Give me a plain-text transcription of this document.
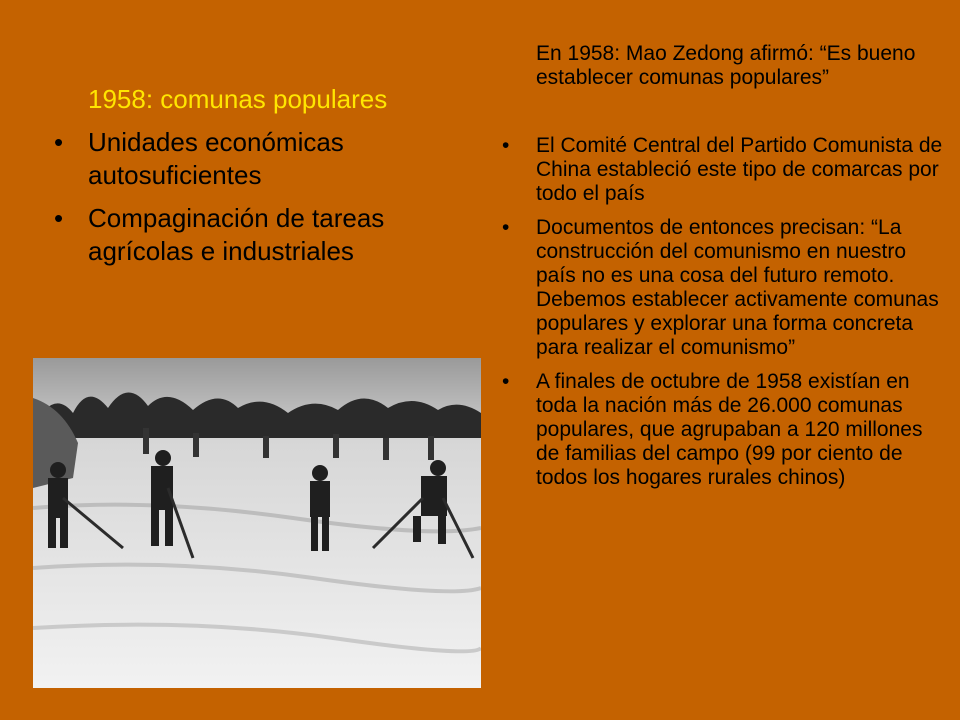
1958: comunas populares
• Unidades económicas autosuficientes
• Compaginación de tareas agrícolas e industriales
En 1958: Mao Zedong afirmó: “Es bueno establecer comunas populares”
• El Comité Central del Partido Comunista de China estableció este tipo de comarcas por todo el país
• Documentos de entonces precisan: “La construcción del comunismo en nuestro país no es una cosa del futuro remoto. Debemos establecer activamente comunas populares y explorar una forma concreta para realizar el comunismo”
• A finales de octubre de 1958 existían en toda la nación más de 26.000 comunas populares, que agrupaban a 120 millones de familias del campo (99 por ciento de todos los hogares rurales chinos)
